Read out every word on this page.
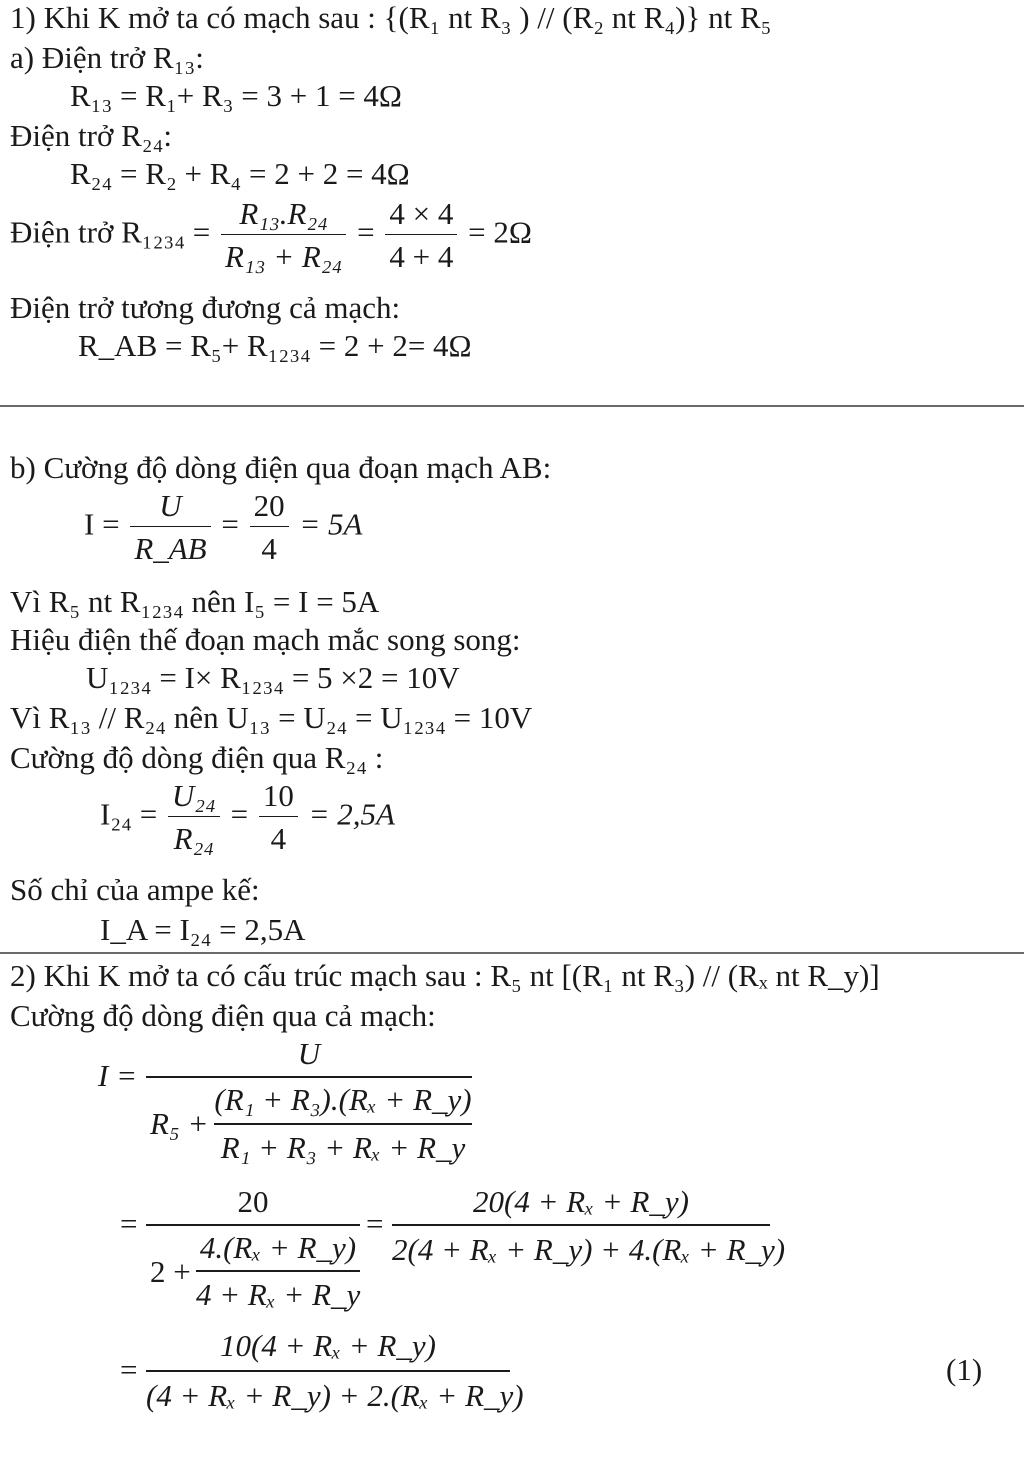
1) Khi K mở ta có mạch sau : {(R₁ nt R₃ ) // (R₂ nt R₄)} nt R₅
a) Điện trở R₁₃:
R₁₃ = R₁+ R₃ = 3 + 1 = 4Ω
Điện trở R₂₄:
R₂₄ = R₂ + R₄ = 2 + 2 = 4Ω
Điện trở $R_{1234} = \frac{\text{R₁₃.R₂₄}}{\text{R₁₃ + R₂₄}} = \frac{4 \times 4}{4 + 4} = 2\Omega$
Điện trở tương đương cả mạch:
R_AB = R₅+ R₁₂₃₄ = 2 + 2= 4Ω
b) Cường độ dòng điện qua đoạn mạch AB:
$I = \frac{U}{R\_AB} = \frac{20}{4} = 5A$
Vì R₅ nt R₁₂₃₄ nên I₅ = I = 5A
Hiệu điện thế đoạn mạch mắc song song:
U₁₂₃₄ = I× R₁₂₃₄ = 5 ×2 = 10V
Vì R₁₃ // R₂₄ nên U₁₃ = U₂₄ = U₁₂₃₄ = 10V
Cường độ dòng điện qua R₂₄ :
$I_{24} = \frac{\text{U₂₄}}{\text{R₂₄}} = \frac{10}{4} = 2,5A$
Số chỉ của ampe kế:
I_A = I₂₄ = 2,5A
2) Khi K mở ta có cấu trúc mạch sau : R₅ nt [(R₁ nt R₃) // (Rₓ nt R_y)]
Cường độ dòng điện qua cả mạch:
I =
U
R₅ +
(R₁ + R₃).(Rₓ + R_y)
R₁ + R₃ + Rₓ + R_y
=
20
2 +
4.(Rₓ + R_y)
4 + Rₓ + R_y
=
20(4 + Rₓ + R_y)
2(4 + Rₓ + R_y) + 4.(Rₓ + R_y)
=
10(4 + Rₓ + R_y)
(4 + Rₓ + R_y) + 2.(Rₓ + R_y)
(1)
